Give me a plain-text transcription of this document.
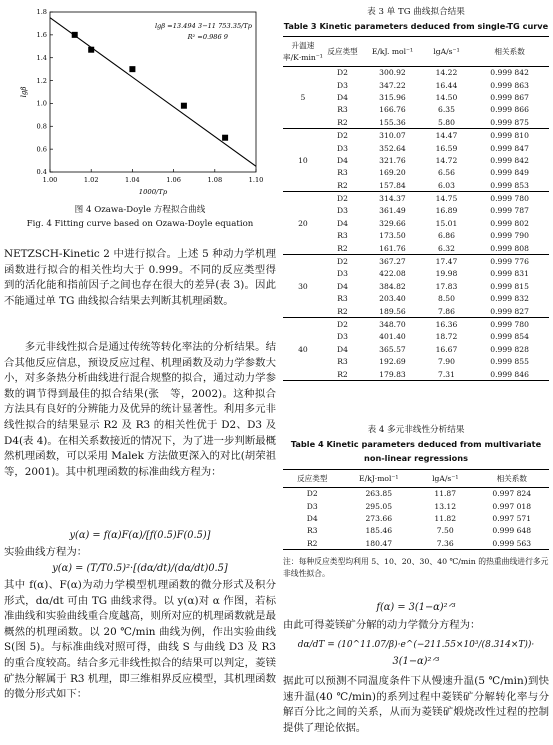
1.00	1.02	1.04	1.06	1.08	1.10
0.4
0.6
0.8
1.0
1.2
1.4
1.6
1.8
1000/Tp
lgβ
lgβ =13.494 3−11 753.35/Tp
R² =0.986 9
图 4 Ozawa-Doyle 方程拟合曲线
Fig. 4 Fitting curve based on Ozawa-Doyle equation

NETZSCH-Kinetic 2 中进行拟合。上述 5 种动力学机理函数进行拟合的相关性均大于 0.999。不同的反应类型得到的活化能和指前因子之间也存在很大的差异(表 3)。因此不能通过单 TG 曲线拟合结果去判断其机理函数。

多元非线性拟合是通过传统等转化率法的分析结果。结合其他反应信息，预设反应过程、机理函数及动力学参数大小，对多条热分析曲线进行混合规整的拟合，通过动力学参数的调节得到最佳的拟合结果(张　等，2002)。这种拟合方法具有良好的分辨能力及优异的统计显著性。利用多元非线性拟合的结果显示 R2 及 R3 的相关性优于 D2、D3 及 D4(表 4)。在相关系数接近的情况下，为了进一步判断最概然机理函数，可以采用 Malek 方法做更深入的对比(胡荣祖等，2001)。其中机理函数的标准曲线方程为：

y(α) = f(α)F(α)/[f(0.5)F(0.5)]

实验曲线方程为：

y(α) = (T/T0.5)²·[(dα/dt)/(dα/dt)0.5]

其中 f(α)、F(α)为动力学模型机理函数的微分形式及积分形式，dα/dt 可由 TG 曲线求得。以 y(α)对 α 作图，若标准曲线和实验曲线重合度越高，则所对应的机理函数就是最概然的机理函数。以 20 ℃/min 曲线为例，作出实验曲线 S(图 5)。与标准曲线对照可得，曲线 S 与曲线 D3 及 R3 的重合度较高。结合多元非线性拟合的结果可以判定，菱镁矿热分解属于 R3 机理，即三维相界反应模型，其机理函数的微分形式如下：

表 3 单 TG 曲线拟合结果
Table 3 Kinetic parameters deduced from single-TG curve
升温速率/K·min⁻¹	反应类型	E/kJ. mol⁻¹	lgA/s⁻¹	相关系数
5	D2	300.92	14.22	0.999 842
	D3	347.22	16.44	0.999 863
	D4	315.96	14.50	0.999 867
	R3	166.76	6.35	0.999 866
	R2	155.36	5.80	0.999 875
10	D2	310.07	14.47	0.999 810
	D3	352.64	16.59	0.999 847
	D4	321.76	14.72	0.999 842
	R3	169.20	6.56	0.999 849
	R2	157.84	6.03	0.999 853
20	D2	314.37	14.75	0.999 780
	D3	361.49	16.89	0.999 787
	D4	329.66	15.01	0.999 802
	R3	173.50	6.86	0.999 790
	R2	161.76	6.32	0.999 808
30	D2	367.27	17.47	0.999 776
	D3	422.08	19.98	0.999 831
	D4	384.82	17.83	0.999 815
	R3	203.40	8.50	0.999 832
	R2	189.56	7.86	0.999 827
40	D2	348.70	16.36	0.999 780
	D3	401.40	18.72	0.999 854
	D4	365.57	16.67	0.999 828
	R3	192.69	7.90	0.999 855
	R2	179.83	7.31	0.999 846
表 4 多元非线性分析结果
Table 4 Kinetic parameters deduced from multivariate
non-linear regressions
反应类型	E/kJ·mol⁻¹	lgA/s⁻¹	相关系数
D2	263.85	11.87	0.997 824
D3	295.05	13.12	0.997 018
D4	273.66	11.82	0.997 571
R3	185.46	7.50	0.999 648
R2	180.47	7.36	0.999 563
注：每种反应类型均利用 5、10、20、30、40 ℃/min 的热重曲线进行多元非线性拟合。
f(α) = 3(1−α)²ᐟ³

由此可得菱镁矿分解的动力学微分方程为：

dα/dT = (10^11.07/β)·e^(−211.55×10³/(8.314×T))·
3(1−α)²ᐟ³

据此可以预测不同温度条件下从慢速升温(5 ℃/min)到快速升温(40 ℃/min)的系列过程中菱镁矿分解转化率与分解百分比之间的关系，从而为菱镁矿煅烧改性过程的控制提供了理论依据。
